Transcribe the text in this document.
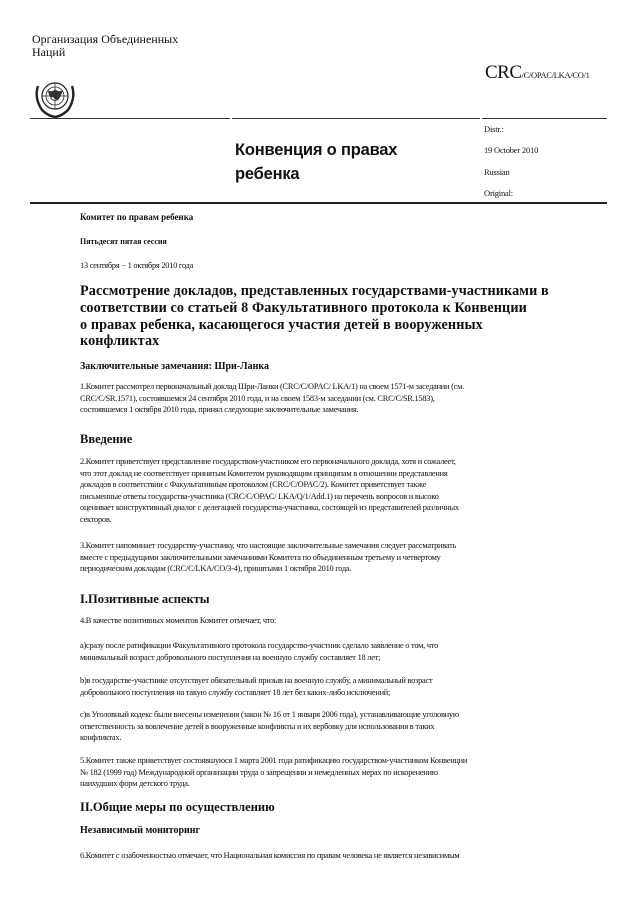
Организация Объединенных
Наций
CRC/C/OPAC/LKA/CO/1
Distr.:
19 October 2010
Russian
Original:
Конвенция о правах
ребенка
Комитет по правам ребенка
Пятьдесят пятая сессия
13 сентября − 1 октября 2010 года
Рассмотрение докладов, представленных государствами-участниками в
соответствии со статьей 8 Факультативного протокола к Конвенции
о правах ребенка, касающегося участия детей в вооруженных
конфликтах
Заключительные замечания: Шри-Ланка
1.Комитет рассмотрел первоначальный доклад Шри-Ланки (CRC/C/OPAC/ LKA/1) на своем 1571-м заседании (см.
CRC/C/SR.1571), состоявшемся 24 сентября 2010 года, и на своем 1583-м заседании (см. CRC/C/SR.1583),
состоявшемся 1 октября 2010 года, принял следующие заключительные замечания.
Введение
2.Комитет приветствует представление государством-участником его первоначального доклада, хотя и сожалеет,
что этот доклад не соответствует принятым Комитетом руководящим принципам в отношении представления
докладов в соответствии с Факультативным протоколом (CRC/C/OPAC/2). Комитет приветствует также
письменные ответы государства-участника (CRC/C/OPAC/ LKA/Q/1/Add.1) на перечень вопросов и высоко
оценивает конструктивный диалог с делегацией государства-участника, состоящей из представителей различных
секторов.
3.Комитет напоминает государству-участнику, что настоящие заключительные замечания следует рассматривать
вместе с предыдущими заключительными замечаниями Комитета по объединенным третьему и четвертому
периодическим докладам (CRC/C/LKA/CO/3-4), принятыми 1 октября 2010 года.
I.Позитивные аспекты
4.В качестве позитивных моментов Комитет отмечает, что:
a)сразу после ратификации Факультативного протокола государство-участник сделало заявление о том, что
минимальный возраст добровольного поступления на военную службу составляет 18 лет;
b)в государстве-участнике отсутствует обязательный призыв на военную службу, а минимальный возраст
добровольного поступления на такую службу составляет 18 лет без каких-либо исключений;
c)в Уголовный кодекс были внесены изменения (закон № 16 от 1 января 2006 года), устанавливающие уголовную
ответственность за вовлечение детей в вооруженные конфликты и их вербовку для использования в таких
конфликтах.
5.Комитет также приветствует состоявшуюся 1 марта 2001 года ратификацию государством-участником Конвенции
№ 182 (1999 год) Международной организации труда о запрещении и немедленных мерах по искоренению
наихудших форм детского труда.
II.Общие меры по осуществлению
Независимый мониторинг
6.Комитет с озабоченностью отмечает, что Национальная комиссия по правам человека не является независимым
